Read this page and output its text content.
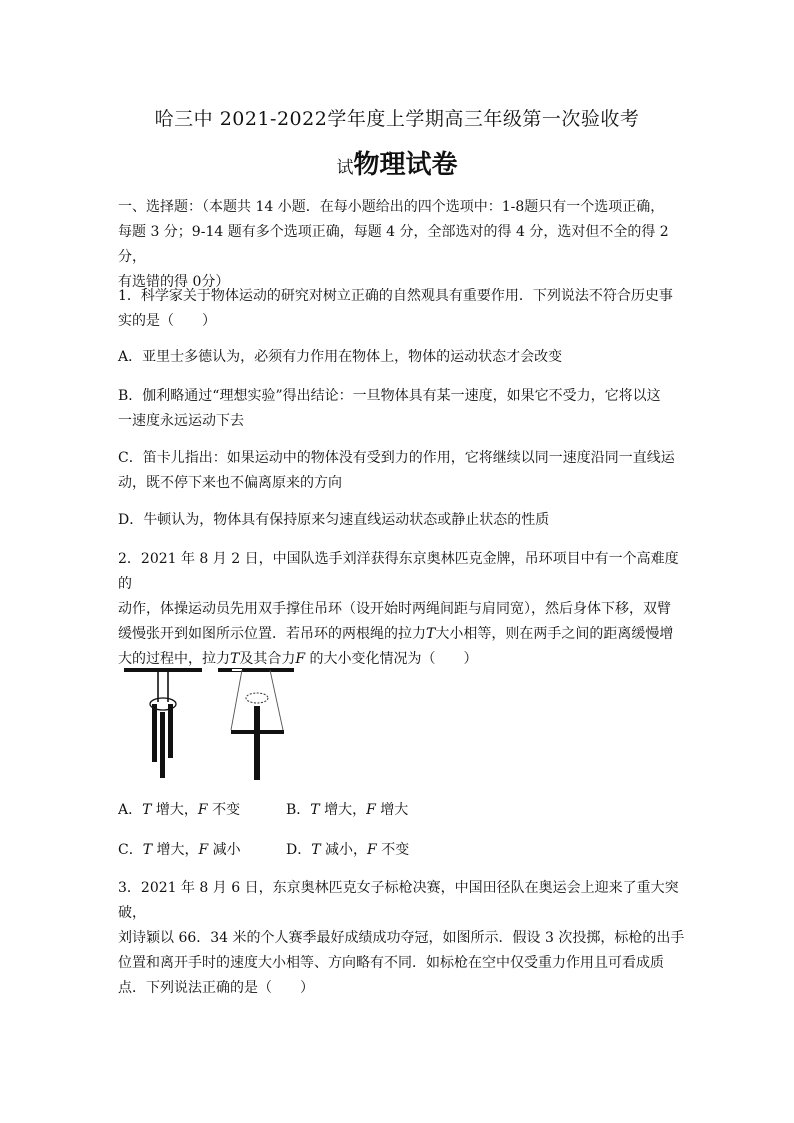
哈三中 2021-2022学年度上学期高三年级第一次验收考
试物理试卷
一、选择题：（本题共 14 小题．在每小题给出的四个选项中：1-8题只有一个选项正确，
每题 3 分；9-14 题有多个选项正确，每题 4 分，全部选对的得 4 分，选对但不全的得 2 分，
有选错的得 0分）
1．科学家关于物体运动的研究对树立正确的自然观具有重要作用．下列说法不符合历史事
实的是（　　）
A．亚里士多德认为，必须有力作用在物体上，物体的运动状态才会改变
B．伽利略通过“理想实验”得出结论：一旦物体具有某一速度，如果它不受力，它将以这
一速度永远运动下去
C．笛卡儿指出：如果运动中的物体没有受到力的作用，它将继续以同一速度沿同一直线运
动，既不停下来也不偏离原来的方向
D．牛顿认为，物体具有保持原来匀速直线运动状态或静止状态的性质
2．2021 年 8 月 2 日，中国队选手刘洋获得东京奥林匹克金牌，吊环项目中有一个高难度的
动作，体操运动员先用双手撑住吊环（设开始时两绳间距与肩同宽），然后身体下移，双臂
缓慢张开到如图所示位置．若吊环的两根绳的拉力T大小相等，则在两手之间的距离缓慢增
大的过程中，拉力T及其合力F 的大小变化情况为（　　）
A．T 增大，F 不变	B．T 增大，F 增大
C．T 增大，F 减小	D．T 减小，F 不变
3．2021 年 8 月 6 日，东京奥林匹克女子标枪决赛，中国田径队在奥运会上迎来了重大突破，
刘诗颖以 66．34 米的个人赛季最好成绩成功夺冠，如图所示．假设 3 次投掷，标枪的出手
位置和离开手时的速度大小相等、方向略有不同．如标枪在空中仅受重力作用且可看成质
点．下列说法正确的是（　　）
